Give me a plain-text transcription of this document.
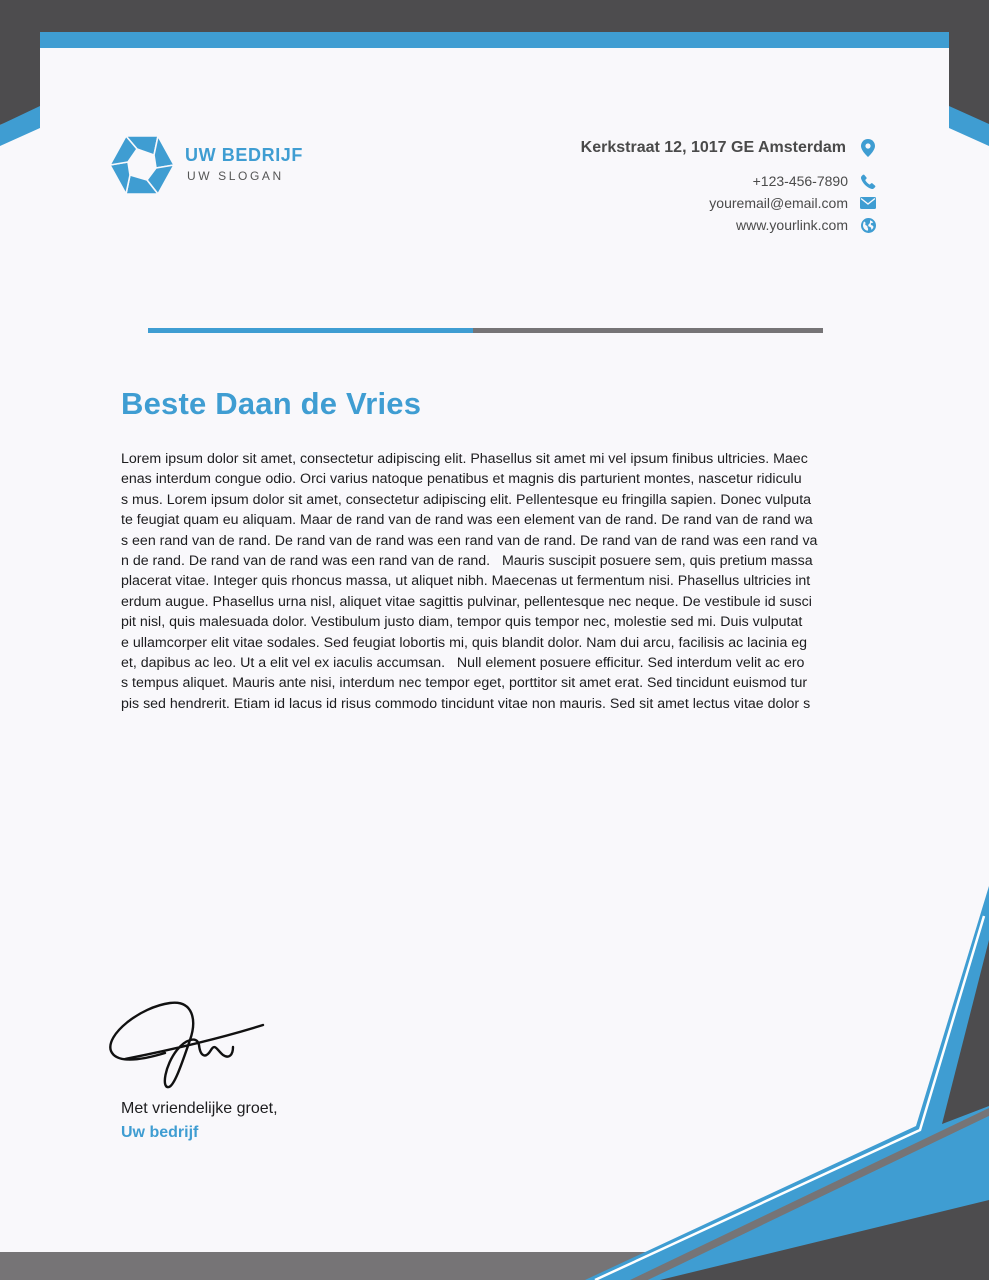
UW BEDRIJF
UW SLOGAN
Kerkstraat 12, 1017 GE Amsterdam
+123-456-7890
youremail@email.com
www.yourlink.com
Beste Daan de Vries
Lorem ipsum dolor sit amet, consectetur adipiscing elit. Phasellus sit amet mi vel ipsum finibus ultricies. Maec
enas interdum congue odio. Orci varius natoque penatibus et magnis dis parturient montes, nascetur ridiculu
s mus. Lorem ipsum dolor sit amet, consectetur adipiscing elit. Pellentesque eu fringilla sapien. Donec vulputa
te feugiat quam eu aliquam. Maar de rand van de rand was een element van de rand. De rand van de rand wa
s een rand van de rand. De rand van de rand was een rand van de rand. De rand van de rand was een rand va
n de rand. De rand van de rand was een rand van de rand.   Mauris suscipit posuere sem, quis pretium massa
placerat vitae. Integer quis rhoncus massa, ut aliquet nibh. Maecenas ut fermentum nisi. Phasellus ultricies int
erdum augue. Phasellus urna nisl, aliquet vitae sagittis pulvinar, pellentesque nec neque. De vestibule id susci
pit nisl, quis malesuada dolor. Vestibulum justo diam, tempor quis tempor nec, molestie sed mi. Duis vulputat
e ullamcorper elit vitae sodales. Sed feugiat lobortis mi, quis blandit dolor. Nam dui arcu, facilisis ac lacinia eg
et, dapibus ac leo. Ut a elit vel ex iaculis accumsan.   Null element posuere efficitur. Sed interdum velit ac ero
s tempus aliquet. Mauris ante nisi, interdum nec tempor eget, porttitor sit amet erat. Sed tincidunt euismod tur
pis sed hendrerit. Etiam id lacus id risus commodo tincidunt vitae non mauris. Sed sit amet lectus vitae dolor s
Met vriendelijke groet,
Uw bedrijf
